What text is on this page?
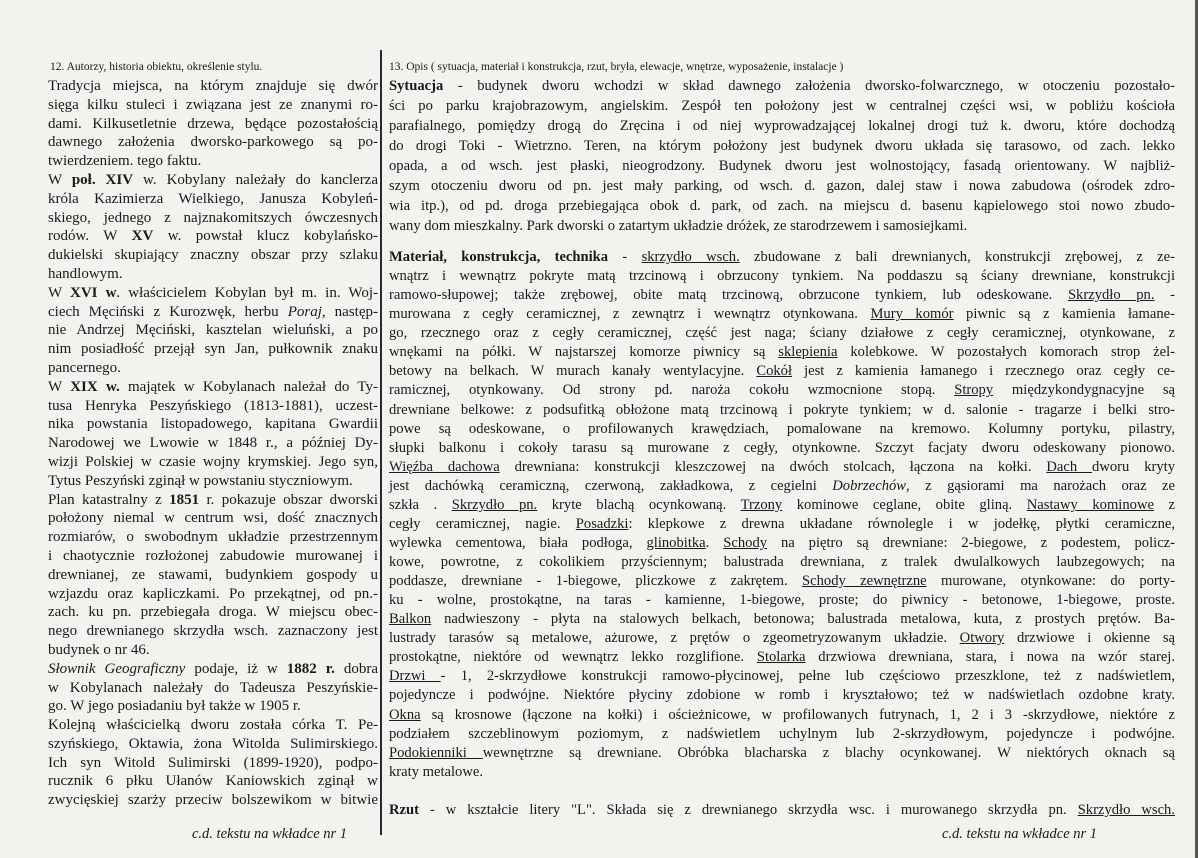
12. Autorzy, historia obiektu, określenie stylu.	13. Opis ( sytuacja, materiał i konstrukcja, rzut, bryła, elewacje, wnętrze, wyposażenie, instalacje )
Tradycja miejsca, na którym znajduje się dwór
sięga kilku stuleci i związana jest ze znanymi ro-
dami. Kilkusetletnie drzewa, będące pozostałością
dawnego założenia dworsko-parkowego są po-
twierdzeniem. tego faktu.
W poł. XIV w. Kobylany należały do kanclerza
króla Kazimierza Wielkiego, Janusza Kobyleń-
skiego, jednego z najznakomitszych ówczesnych
rodów. W XV w. powstał klucz kobylańsko-
dukielski skupiający znaczny obszar przy szlaku
handlowym.
W XVI w. właścicielem Kobylan był m. in. Woj-
ciech Męciński z Kurozwęk, herbu Poraj, następ-
nie Andrzej Męciński, kasztelan wieluński, a po
nim posiadłość przejął syn Jan, pułkownik znaku
pancernego.
W XIX w. majątek w Kobylanach należał do Ty-
tusa Henryka Peszyńskiego (1813-1881), uczest-
nika powstania listopadowego, kapitana Gwardii
Narodowej we Lwowie w 1848 r., a później Dy-
wizji Polskiej w czasie wojny krymskiej. Jego syn,
Tytus Peszyński zginął w powstaniu styczniowym.
Plan katastralny z 1851 r. pokazuje obszar dworski
położony niemal w centrum wsi, dość znacznych
rozmiarów, o swobodnym układzie przestrzennym
i chaotycznie rozłożonej zabudowie murowanej i
drewnianej, ze stawami, budynkiem gospody u
wzjazdu oraz kapliczkami. Po przekątnej, od pn.-
zach. ku pn. przebiegała droga. W miejscu obec-
nego drewnianego skrzydła wsch. zaznaczony jest
budynek o nr 46.
Słownik Geograficzny podaje, iż w 1882 r. dobra
w Kobylanach należały do Tadeusza Peszyńskie-
go. W jego posiadaniu był także w 1905 r.
Kolejną właścicielką dworu została córka T. Pe-
szyńskiego, Oktawia, żona Witolda Sulimirskiego.
Ich syn Witold Sulimirski (1899-1920), podpo-
rucznik 6 płku Ułanów Kaniowskich zginął w
zwycięskiej szarży przeciw bolszewikom w bitwie
Sytuacja - budynek dworu wchodzi w skład dawnego założenia dworsko-folwarcznego, w otoczeniu pozostało-
ści po parku krajobrazowym, angielskim. Zespół ten położony jest w centralnej części wsi, w pobliżu kościoła
parafialnego, pomiędzy drogą do Zręcina i od niej wyprowadzającej lokalnej drogi tuż k. dworu, które dochodzą
do drogi Toki - Wietrzno. Teren, na którym położony jest budynek dworu układa się tarasowo, od zach. lekko
opada, a od wsch. jest płaski, nieogrodzony. Budynek dworu jest wolnostojący, fasadą orientowany. W najbliż-
szym otoczeniu dworu od pn. jest mały parking, od wsch. d. gazon, dalej staw i nowa zabudowa (ośrodek zdro-
wia itp.), od pd. droga przebiegająca obok d. park, od zach. na miejscu d. basenu kąpielowego stoi nowo zbudo-
wany dom mieszkalny. Park dworski o zatartym układzie dróżek, ze starodrzewem i samosiejkami.
Materiał, konstrukcja, technika - skrzydło wsch. zbudowane z bali drewnianych, konstrukcji zrębowej, z ze-
wnątrz i wewnątrz pokryte matą trzcinową i obrzucony tynkiem. Na poddaszu są ściany drewniane, konstrukcji
ramowo-słupowej; także zrębowej, obite matą trzcinową, obrzucone tynkiem, lub odeskowane. Skrzydło pn. -
murowana z cegły ceramicznej, z zewnątrz i wewnątrz otynkowana. Mury komór piwnic są z kamienia łamane-
go, rzecznego oraz z cegły ceramicznej, część jest naga; ściany działowe z cegły ceramicznej, otynkowane, z
wnękami na półki. W najstarszej komorze piwnicy są sklepienia kolebkowe. W pozostałych komorach strop żel-
betowy na belkach. W murach kanały wentylacyjne. Cokół jest z kamienia łamanego i rzecznego oraz cegły ce-
ramicznej, otynkowany. Od strony pd. naroża cokołu wzmocnione stopą. Stropy międzykondygnacyjne są
drewniane belkowe: z podsufitką obłożone matą trzcinową i pokryte tynkiem; w d. salonie - tragarze i belki stro-
powe są odeskowane, o profilowanych krawędziach, pomalowane na kremowo. Kolumny portyku, pilastry,
słupki balkonu i cokoły tarasu są murowane z cegły, otynkowne. Szczyt facjaty dworu odeskowany pionowo.
Więźba dachowa drewniana: konstrukcji kleszczowej na dwóch stolcach, łączona na kołki. Dach dworu kryty
jest dachówką ceramiczną, czerwoną, zakładkowa, z cegielni Dobrzechów, z gąsiorami ma narożach oraz ze
szkła . Skrzydło pn. kryte blachą ocynkowaną. Trzony kominowe ceglane, obite gliną. Nastawy kominowe z
cegły ceramicznej, nagie. Posadzki: klepkowe z drewna układane równolegle i w jodełkę, płytki ceramiczne,
wylewka cementowa, biała podłoga, glinobitka. Schody na piętro są drewniane: 2-biegowe, z podestem, policz-
kowe, powrotne, z cokolikiem przyściennym; balustrada drewniana, z tralek dwulalkowych laubzegowych; na
poddasze, drewniane - 1-biegowe, pliczkowe z zakrętem. Schody zewnętrzne murowane, otynkowane: do porty-
ku - wolne, prostokątne, na taras - kamienne, 1-biegowe, proste; do piwnicy - betonowe, 1-biegowe, proste.
Balkon nadwieszony - płyta na stalowych belkach, betonowa; balustrada metalowa, kuta, z prostych prętów. Ba-
lustrady tarasów są metalowe, ażurowe, z prętów o zgeometryzowanym układzie. Otwory drzwiowe i okienne są
prostokątne, niektóre od wewnątrz lekko rozglifione. Stolarka drzwiowa drewniana, stara, i nowa na wzór starej.
Drzwi - 1, 2-skrzydłowe konstrukcji ramowo-płycinowej, pełne lub częściowo przeszklone, też z nadświetlem,
pojedyncze i podwójne. Niektóre płyciny zdobione w romb i kryształowo; też w nadświetlach ozdobne kraty.
Okna są krosnowe (łączone na kołki) i ościeżnicowe, w profilowanych futrynach, 1, 2 i 3 -skrzydłowe, niektóre z
podziałem szczeblinowym poziomym, z nadświetlem uchylnym lub 2-skrzydłowym, pojedyncze i podwójne.
Podokienniki wewnętrzne są drewniane. Obróbka blacharska z blachy ocynkowanej. W niektórych oknach są
kraty metalowe.
Rzut - w kształcie litery "L". Składa się z drewnianego skrzydła wsc. i murowanego skrzydła pn. Skrzydło wsch.
c.d. tekstu na wkładce nr 1	c.d. tekstu na wkładce nr 1
